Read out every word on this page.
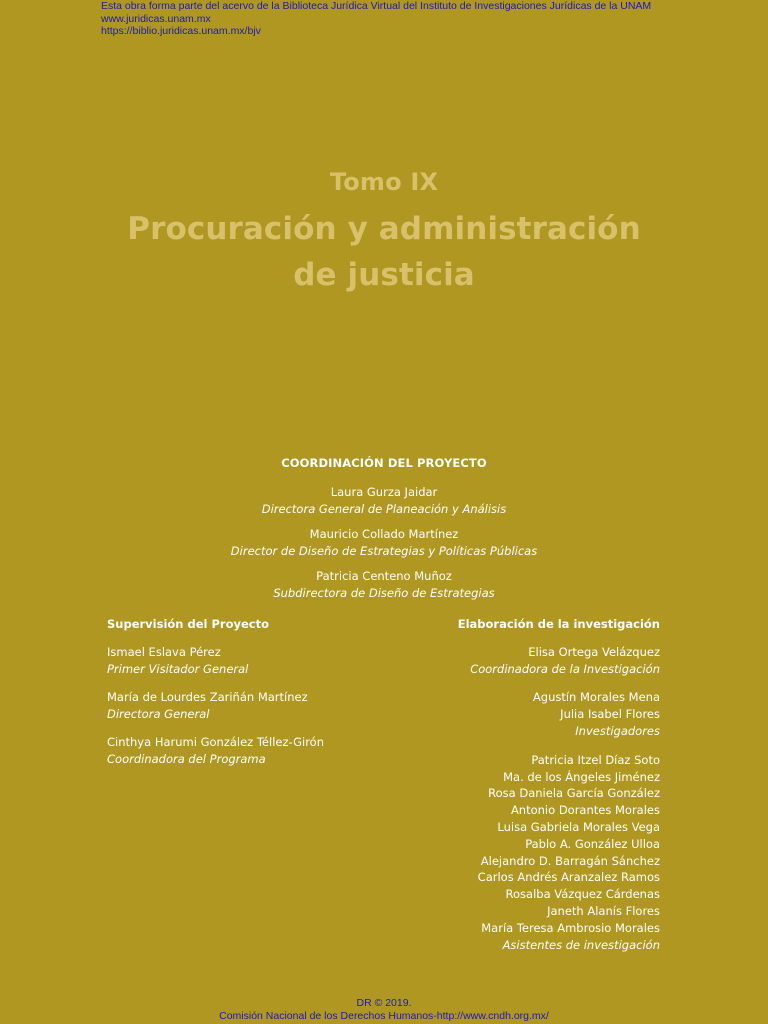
Esta obra forma parte del acervo de la Biblioteca Jurídica Virtual del Instituto de Investigaciones Jurídicas de la UNAM
www.juridicas.unam.mx
https://biblio.juridicas.unam.mx/bjv
Tomo IX
Procuración y administración
de justicia
COORDINACIÓN DEL PROYECTO
Laura Gurza Jaidar
Directora General de Planeación y Análisis
Mauricio Collado Martínez
Director de Diseño de Estrategias y Políticas Públicas
Patricia Centeno Muñoz
Subdirectora de Diseño de Estrategias
Supervisión del Proyecto
Ismael Eslava Pérez
Primer Visitador General
María de Lourdes Zariñán Martínez
Directora General
Cinthya Harumi González Téllez-Girón
Coordinadora del Programa
Elaboración de la investigación
Elisa Ortega Velázquez
Coordinadora de la Investigación
Agustín Morales Mena
Julia Isabel Flores
Investigadores
Patricia Itzel Díaz Soto
Ma. de los Ángeles Jiménez
Rosa Daniela García González
Antonio Dorantes Morales
Luisa Gabriela Morales Vega
Pablo A. González Ulloa
Alejandro D. Barragán Sánchez
Carlos Andrés Aranzalez Ramos
Rosalba Vázquez Cárdenas
Janeth Alanís Flores
María Teresa Ambrosio Morales
Asistentes de investigación
DR © 2019.
Comisión Nacional de los Derechos Humanos-http://www.cndh.org.mx/
